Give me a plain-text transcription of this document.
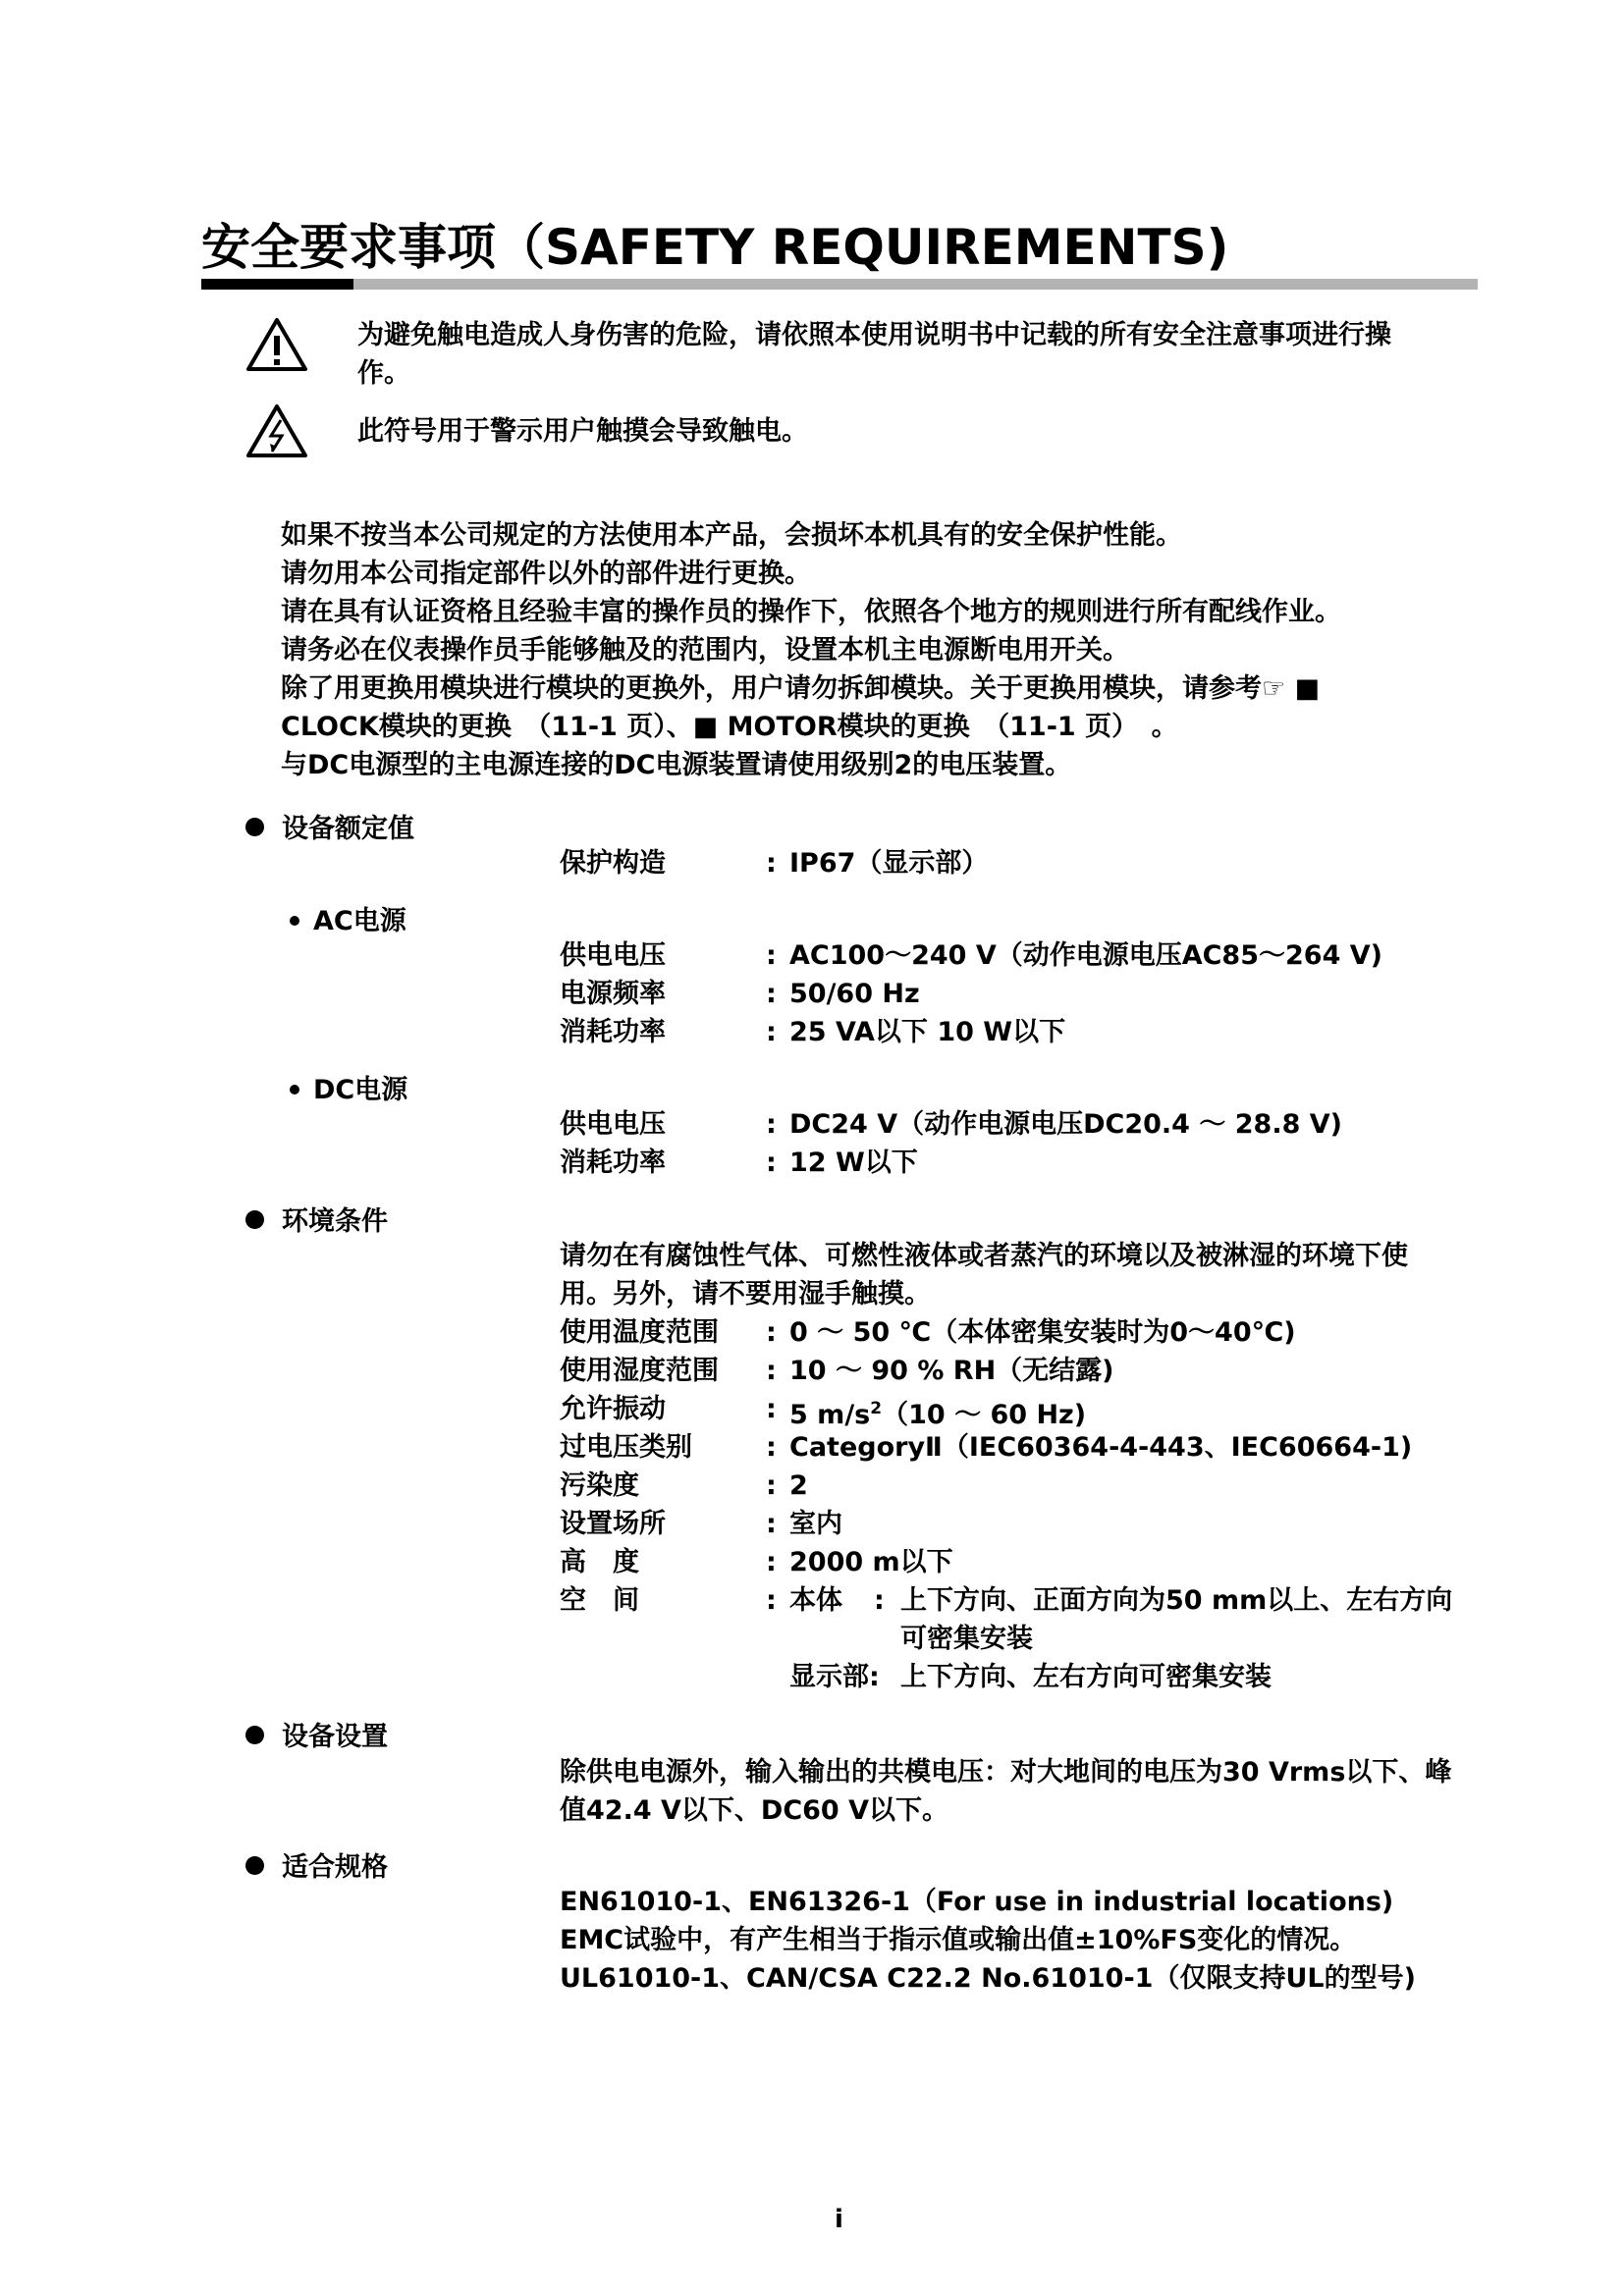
安全要求事项（SAFETY REQUIREMENTS)
为避免触电造成人身伤害的危险，请依照本使用说明书中记载的所有安全注意事项进行操
作。
此符号用于警示用户触摸会导致触电。

如果不按当本公司规定的方法使用本产品，会损坏本机具有的安全保护性能。

请勿用本公司指定部件以外的部件进行更换。

请在具有认证资格且经验丰富的操作员的操作下，依照各个地方的规则进行所有配线作业。

请务必在仪表操作员手能够触及的范围内，设置本机主电源断电用开关。

除了用更换用模块进行模块的更换外，用户请勿拆卸模块。关于更换用模块，请参考☞ ■

CLOCK模块的更换　（11-1 页）、■ MOTOR模块的更换　（11-1 页）　。

与DC电源型的主电源连接的DC电源装置请使用级别2的电压装置。

设备额定值
保护构造	: IP67（显示部）
AC电源
供电电压	: AC100～240 V（动作电源电压AC85～264 V)
电源频率	: 50/60 Hz
消耗功率	: 25 VA以下 10 W以下
DC电源
供电电压	: DC24 V（动作电源电压DC20.4 ～ 28.8 V)
消耗功率	: 12 W以下
环境条件

请勿在有腐蚀性气体、可燃性液体或者蒸汽的环境以及被淋湿的环境下使

用。另外，请不要用湿手触摸。

使用温度范围 : 0 ～ 50 ℃（本体密集安装时为0～40℃)
使用湿度范围 : 10 ～ 90 % RH（无结露)
允许振动	: 5 $m/s^2(10$ ～ 60 Hz)
过电压类别	: CategoryⅡ（IEC60364-4-443、IEC60664-1)
污染度	: 2
设置场所	: 室内
高　度	: 2000 m以下
空　间	: 本体 : 上下方向、正面方向为50 mm以上、左右方向
可密集安装
显示部: 上下方向、左右方向可密集安装
设备设置

除供电电源外，输入输出的共模电压：对大地间的电压为30 Vrms以下、峰

值42.4 V以下、DC60 V以下。

适合规格

EN61010-1、EN61326-1（For use in industrial locations)

EMC试验中，有产生相当于指示值或输出值±10%FS变化的情况。

UL61010-1、CAN/CSA C22.2 No.61010-1（仅限支持UL的型号)

i
